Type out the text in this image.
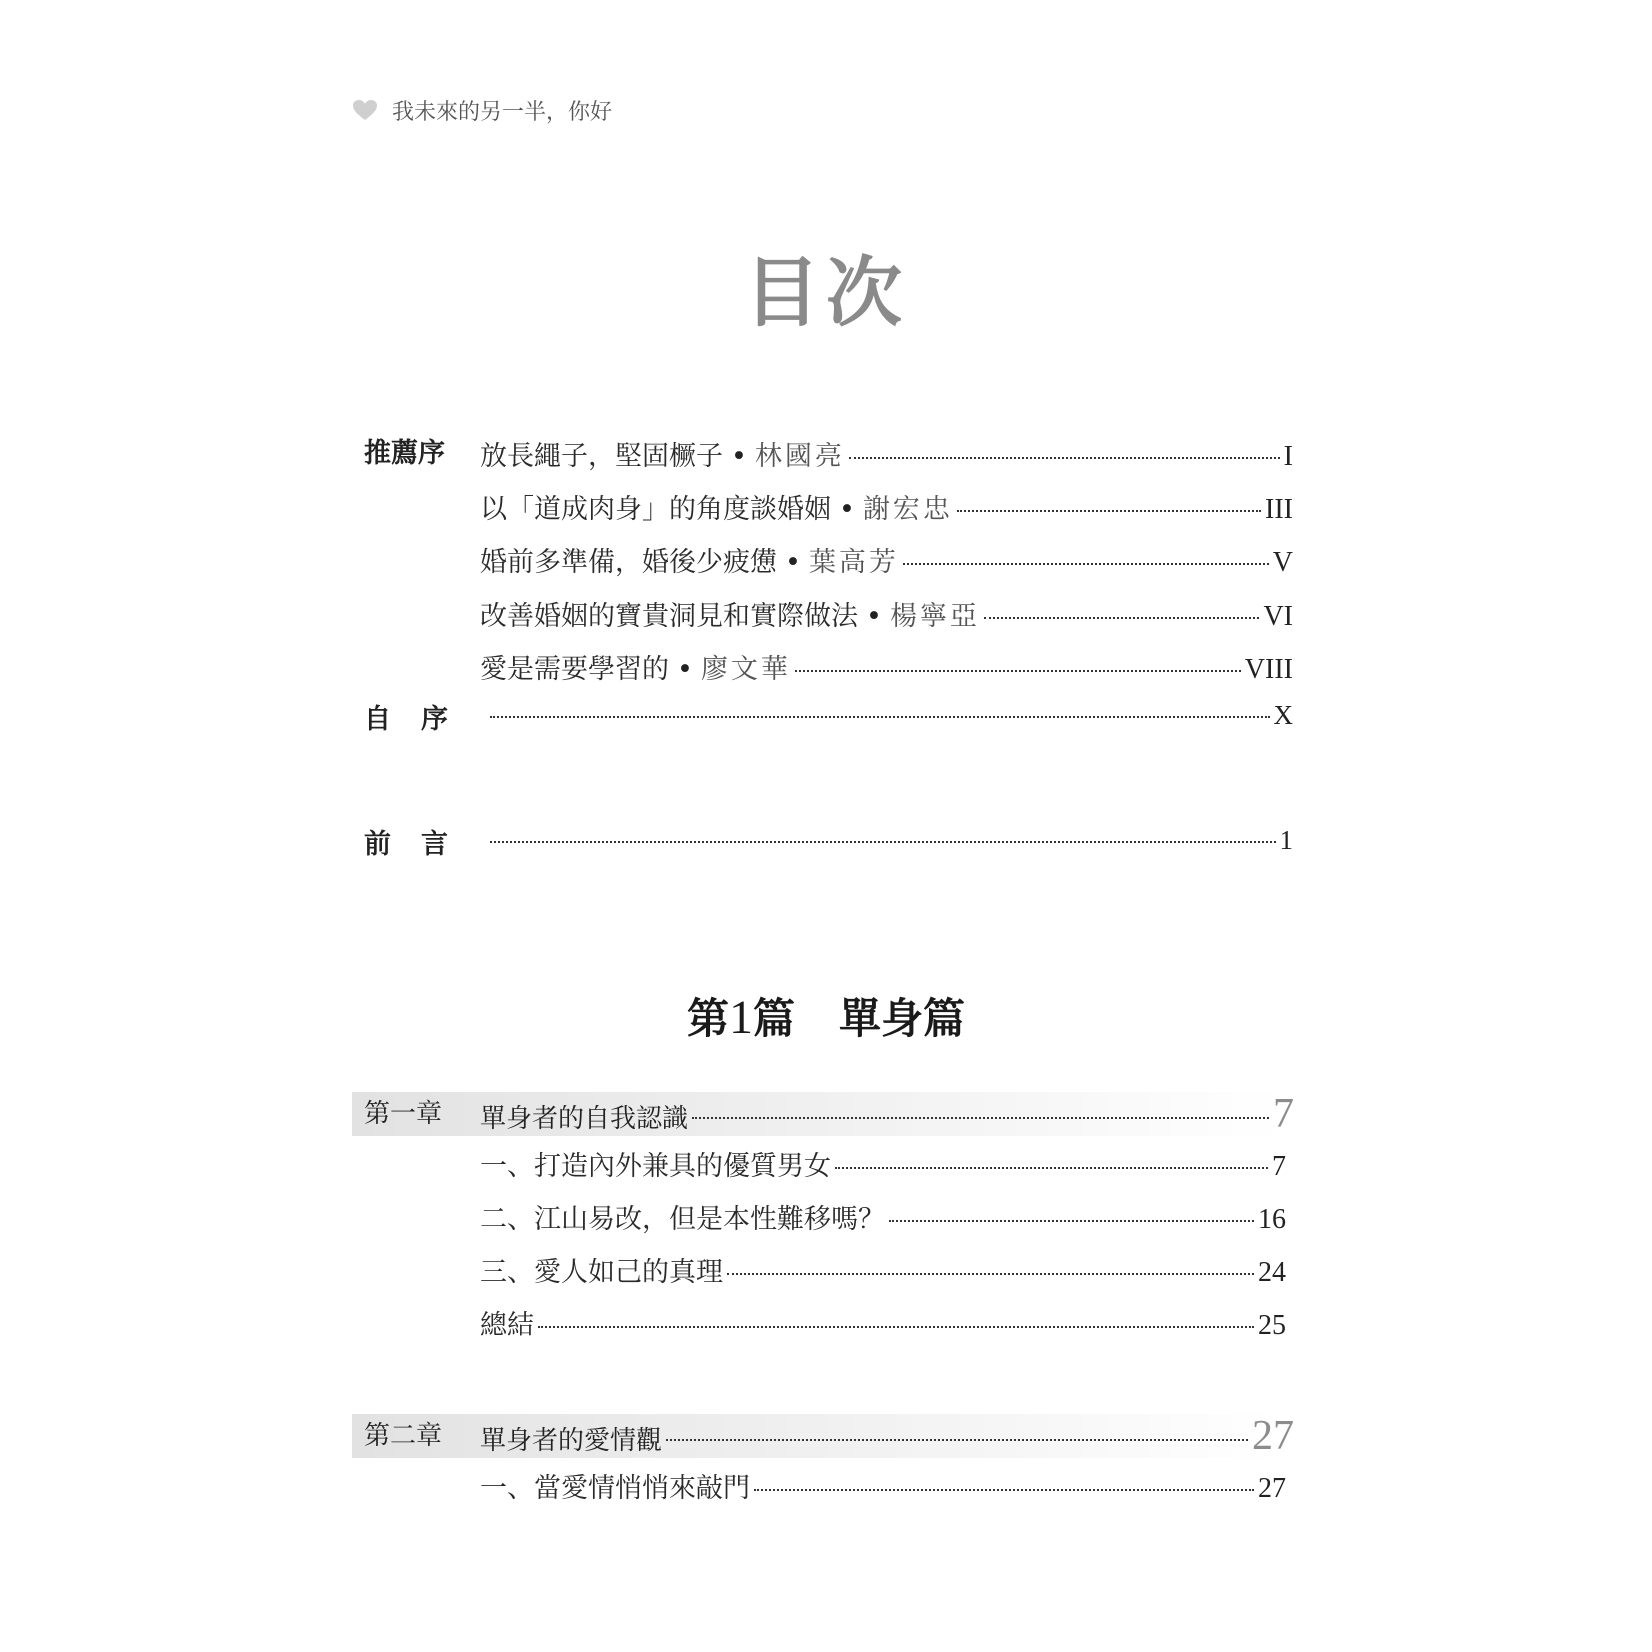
我未來的另一半，你好
目次
推薦序 放長繩子，堅固橛子 • 林國亮	I
以「道成肉身」的角度談婚姻 • 謝宏忠	III
婚前多準備，婚後少疲憊 • 葉高芳	V
改善婚姻的寶貴洞見和實際做法 • 楊寧亞	VI
愛是需要學習的 • 廖文華	VIII
自序	X
前言	1
第1篇 單身篇
第一章 單身者的自我認識	7
一、打造內外兼具的優質男女	7
二、江山易改，但是本性難移嗎？	16
三、愛人如己的真理	24
總結	25
第二章 單身者的愛情觀	27
一、當愛情悄悄來敲門	27
